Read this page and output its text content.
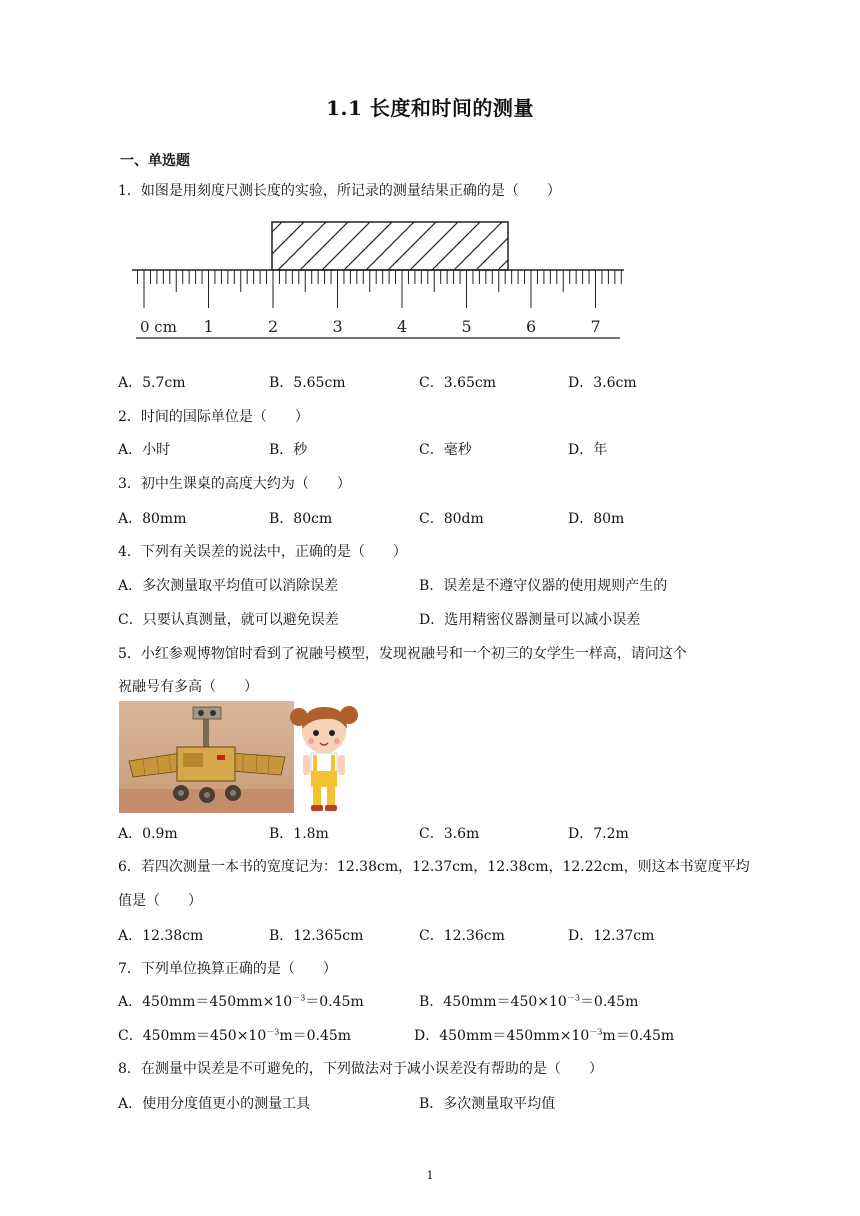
1.1 长度和时间的测量
一、单选题
1．如图是用刻度尺测长度的实验，所记录的测量结果正确的是（　　）
0 cm 1	2	3	4	5	6	7
A．5.7cm	B．5.65cm	C．3.65cm	D．3.6cm
2．时间的国际单位是（　　）
A．小时	B．秒	C．毫秒	D．年
3．初中生课桌的高度大约为（　　）
A．80mm	B．80cm	C．80dm	D．80m
4．下列有关误差的说法中，正确的是（　　）
A．多次测量取平均值可以消除误差	B．误差是不遵守仪器的使用规则产生的
C．只要认真测量，就可以避免误差	D．选用精密仪器测量可以减小误差
5．小红参观博物馆时看到了祝融号模型，发现祝融号和一个初三的女学生一样高，请问这个
祝融号有多高（　　）
A．0.9m	B．1.8m	C．3.6m	D．7.2m
6．若四次测量一本书的宽度记为：12.38cm，12.37cm，12.38cm，12.22cm，则这本书宽度平均
值是（　　）
A．12.38cm	B．12.365cm	C．12.36cm	D．12.37cm
7．下列单位换算正确的是（　　）
A．$450mm=450mm\times 10^{-3}=0.45m$	B．$450mm=450\times 10^{-3}=0.45m$
C．$450mm=450\times 10^{-3}m=0.45m$	D．$450mm=450mm\times 10^{-3}m=0.45m$
8．在测量中误差是不可避免的，下列做法对于减小误差没有帮助的是（　　）
A．使用分度值更小的测量工具	B．多次测量取平均值
1
